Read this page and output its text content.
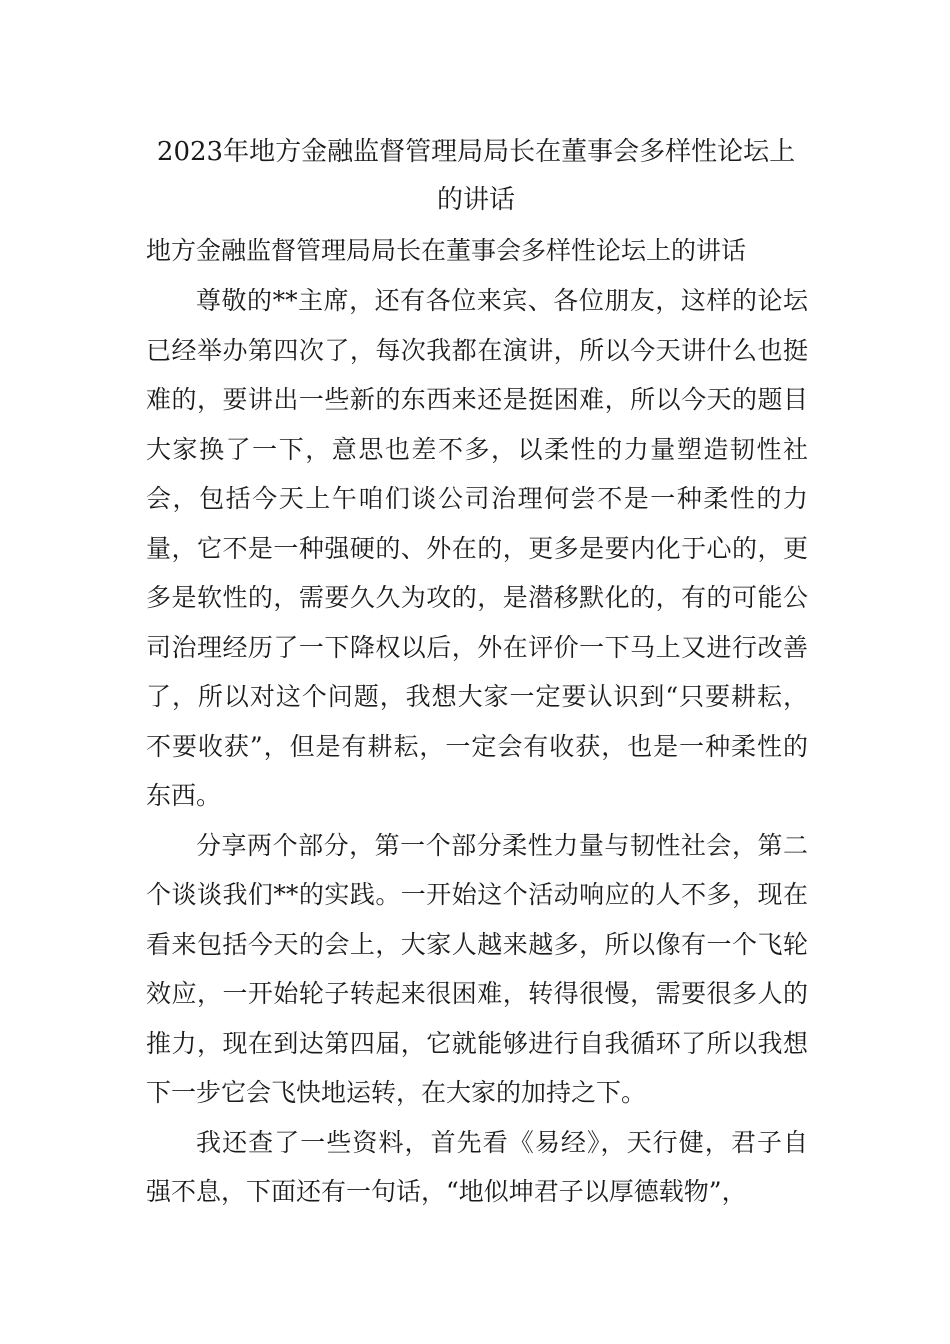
2023年地方金融监督管理局局长在董事会多样性论坛上的讲话

地方金融监督管理局局长在董事会多样性论坛上的讲话

尊敬的**主席，还有各位来宾、各位朋友，这样的论坛已经举办第四次了，每次我都在演讲，所以今天讲什么也挺难的，要讲出一些新的东西来还是挺困难，所以今天的题目大家换了一下，意思也差不多，以柔性的力量塑造韧性社会，包括今天上午咱们谈公司治理何尝不是一种柔性的力量，它不是一种强硬的、外在的，更多是要内化于心的，更多是软性的，需要久久为攻的，是潜移默化的，有的可能公司治理经历了一下降权以后，外在评价一下马上又进行改善了，所以对这个问题，我想大家一定要认识到“只要耕耘，不要收获”，但是有耕耘，一定会有收获，也是一种柔性的东西。

分享两个部分，第一个部分柔性力量与韧性社会，第二个谈谈我们**的实践。一开始这个活动响应的人不多，现在看来包括今天的会上，大家人越来越多，所以像有一个飞轮效应，一开始轮子转起来很困难，转得很慢，需要很多人的推力，现在到达第四届，它就能够进行自我循环了所以我想下一步它会飞快地运转，在大家的加持之下。

我还查了一些资料，首先看《易经》，天行健，君子自强不息，下面还有一句话，“地似坤君子以厚德载物”，
